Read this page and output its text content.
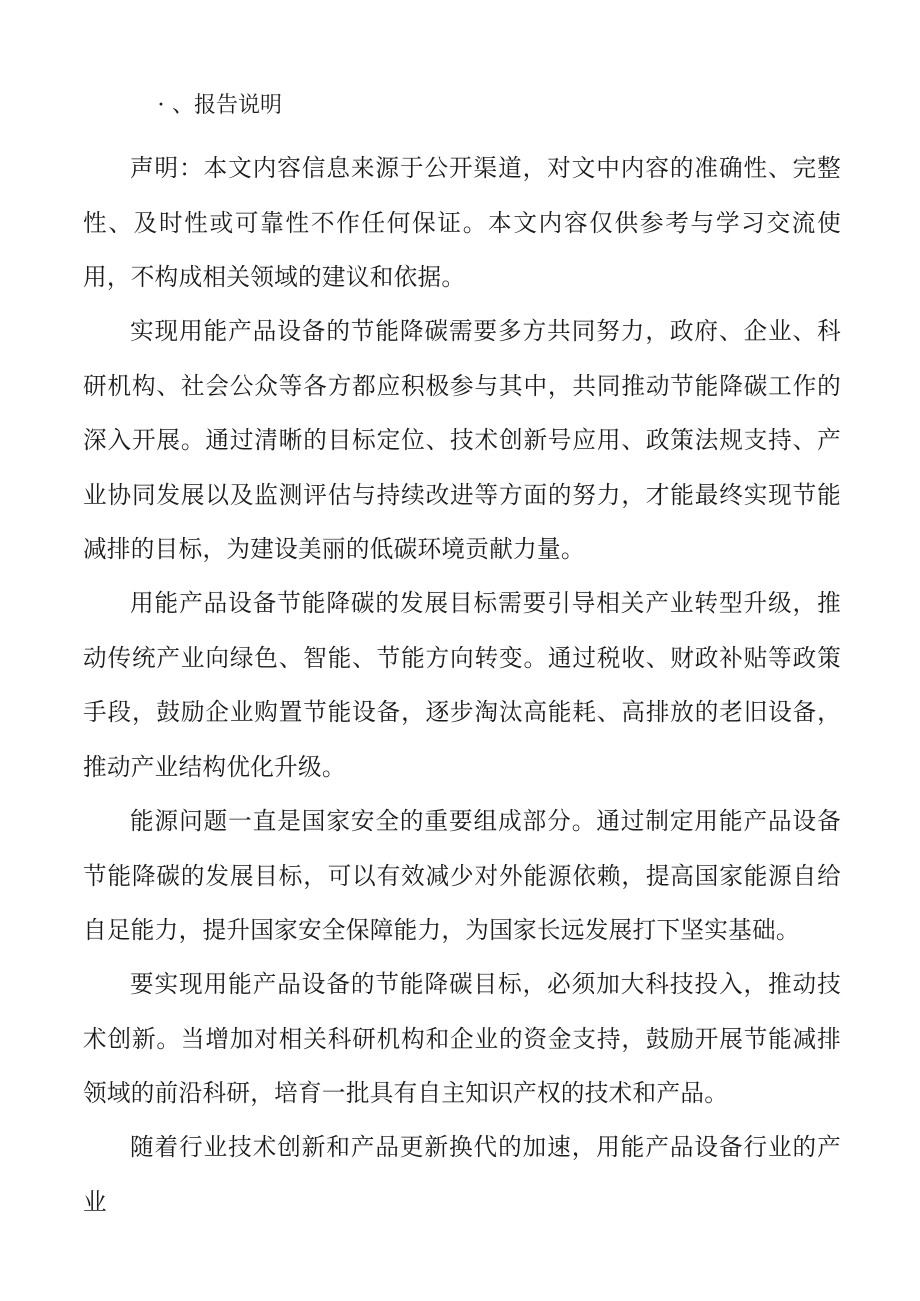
· 、报告说明

声明：本文内容信息来源于公开渠道，对文中内容的准确性、完整性、及时性或可靠性不作任何保证。本文内容仅供参考与学习交流使用，不构成相关领域的建议和依据。

实现用能产品设备的节能降碳需要多方共同努力，政府、企业、科研机构、社会公众等各方都应积极参与其中，共同推动节能降碳工作的深入开展。通过清晰的目标定位、技术创新号应用、政策法规支持、产业协同发展以及监测评估与持续改进等方面的努力，才能最终实现节能减排的目标，为建设美丽的低碳环境贡献力量。

用能产品设备节能降碳的发展目标需要引导相关产业转型升级，推动传统产业向绿色、智能、节能方向转变。通过税收、财政补贴等政策手段，鼓励企业购置节能设备，逐步淘汰高能耗、高排放的老旧设备，推动产业结构优化升级。

能源问题一直是国家安全的重要组成部分。通过制定用能产品设备节能降碳的发展目标，可以有效减少对外能源依赖，提高国家能源自给自足能力，提升国家安全保障能力，为国家长远发展打下坚实基础。

要实现用能产品设备的节能降碳目标，必须加大科技投入，推动技术创新。当增加对相关科研机构和企业的资金支持，鼓励开展节能减排领域的前沿科研，培育一批具有自主知识产权的技术和产品。

随着行业技术创新和产品更新换代的加速，用能产品设备行业的产业
